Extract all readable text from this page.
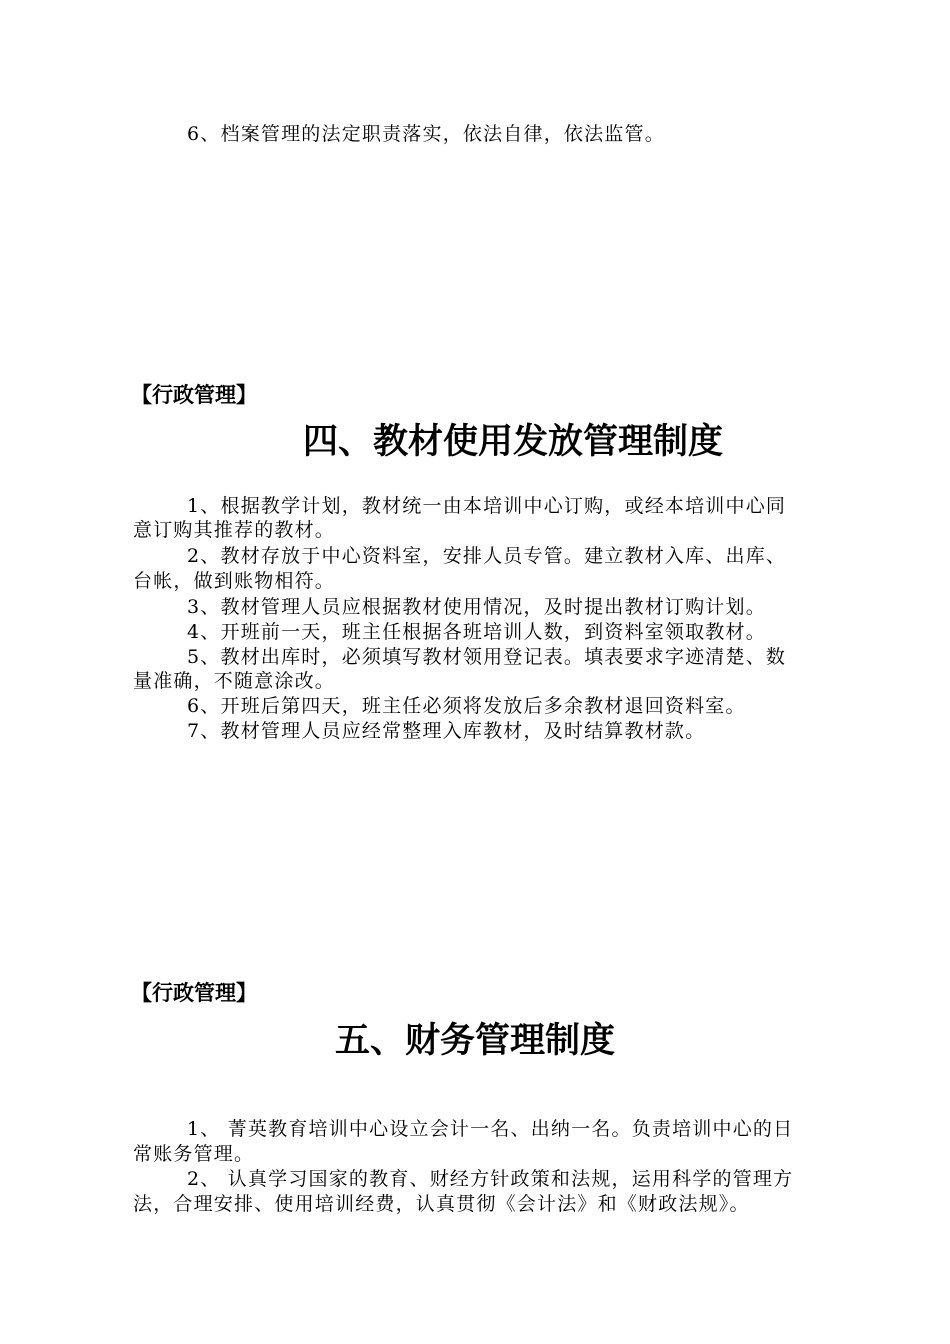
6、档案管理的法定职责落实，依法自律，依法监管。
【行政管理】
四、教材使用发放管理制度
1、根据教学计划，教材统一由本培训中心订购，或经本培训中心同
意订购其推荐的教材。
2、教材存放于中心资料室，安排人员专管。建立教材入库、出库、
台帐，做到账物相符。
3、教材管理人员应根据教材使用情况，及时提出教材订购计划。
4、开班前一天，班主任根据各班培训人数，到资料室领取教材。
5、教材出库时，必须填写教材领用登记表。填表要求字迹清楚、数
量准确，不随意涂改。
6、开班后第四天，班主任必须将发放后多余教材退回资料室。
7、教材管理人员应经常整理入库教材，及时结算教材款。
【行政管理】
五、财务管理制度
1、 菁英教育培训中心设立会计一名、出纳一名。负责培训中心的日
常账务管理。
2、 认真学习国家的教育、财经方针政策和法规，运用科学的管理方
法，合理安排、使用培训经费，认真贯彻《会计法》和《财政法规》。
